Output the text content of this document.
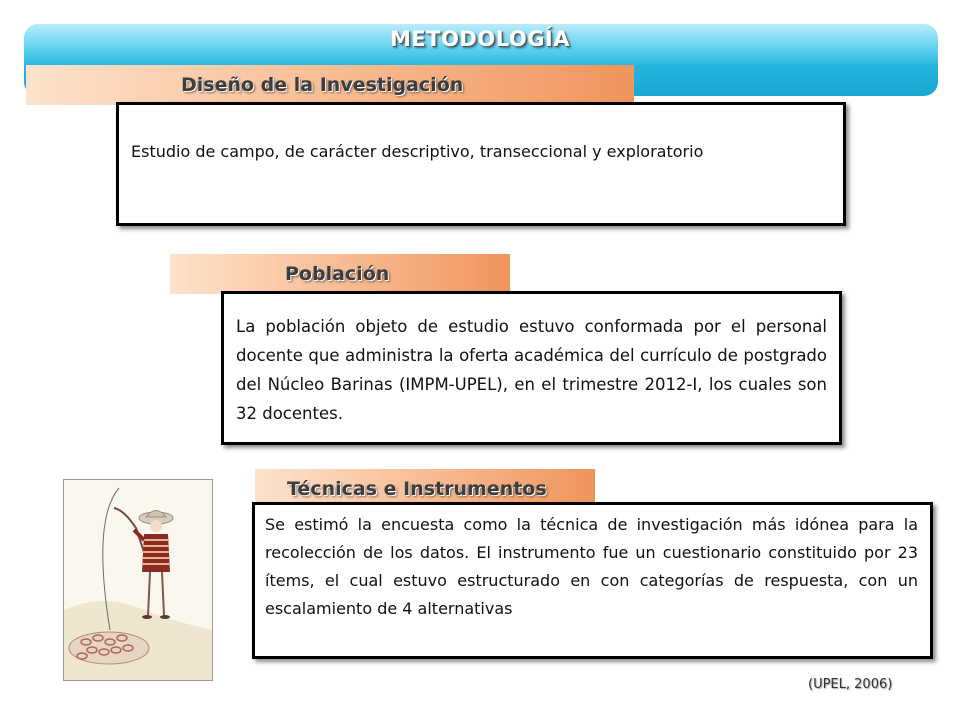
METODOLOGÍA
Diseño de la Investigación

Estudio de campo, de carácter descriptivo, transeccional y exploratorio

Población

La población objeto de estudio estuvo conformada por el personal docente que administra la oferta académica del currículo de postgrado del Núcleo Barinas (IMPM-UPEL), en el trimestre 2012-I, los cuales son 32 docentes.

Técnicas e Instrumentos

Se estimó la encuesta como la técnica de investigación más idónea para la recolección de los datos. El instrumento fue un cuestionario constituido por 23 ítems, el cual estuvo estructurado en con categorías de respuesta, con un escalamiento de 4 alternativas

(UPEL, 2006)
